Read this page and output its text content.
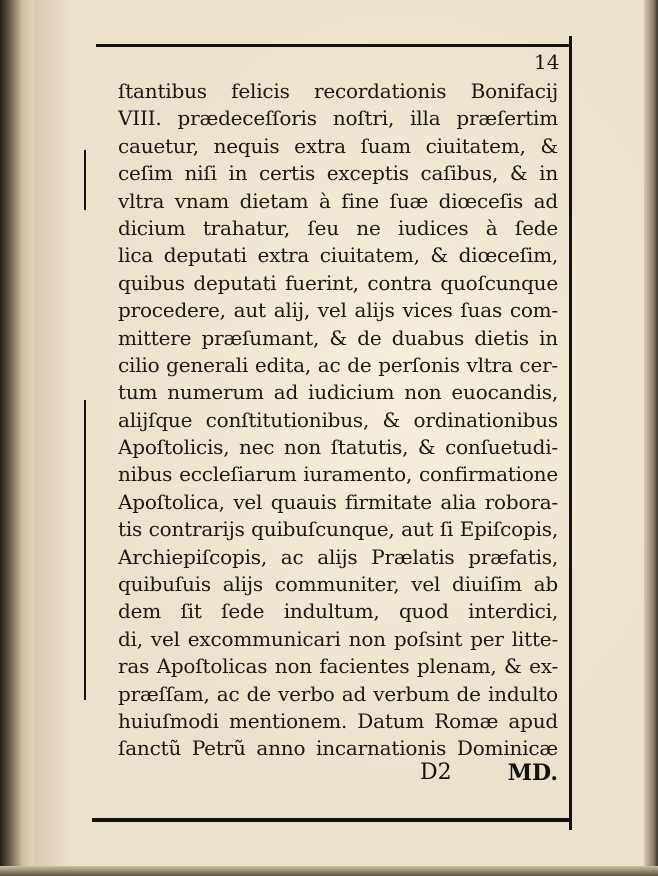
14
ſtantibus felicis recordationis Bonifacij
VIII. prædeceſſoris noſtri, illa præſertim
cauetur, nequis extra ſuam ciuitatem, &
ceſim niſi in certis exceptis caſibus, & in
vltra vnam dietam à fine ſuæ diœceſis ad
dicium trahatur, ſeu ne iudices à ſede
lica deputati extra ciuitatem, & diœceſim,
quibus deputati fuerint, contra quoſcunque
procedere, aut alij, vel alijs vices ſuas com-
mittere præſumant, & de duabus dietis in
cilio generali edita, ac de perſonis vltra cer-
tum numerum ad iudicium non euocandis,
alijſque conſtitutionibus, & ordinationibus
Apoſtolicis, nec non ſtatutis, & conſuetudi-
nibus eccleſiarum iuramento, confirmatione
Apoſtolica, vel quauis firmitate alia robora-
tis contrarijs quibuſcunque, aut ſi Epiſcopis,
Archiepiſcopis, ac alijs Prælatis præfatis,
quibuſuis alijs communiter, vel diuiſim ab
dem ſit ſede indultum, quod interdici,
di, vel excommunicari non poſsint per litte-
ras Apoſtolicas non facientes plenam, & ex-
præſſam, ac de verbo ad verbum de indulto
huiuſmodi mentionem. Datum Romæ apud
ſanctũ Petrũ anno incarnationis Dominicæ
D2	MD.
